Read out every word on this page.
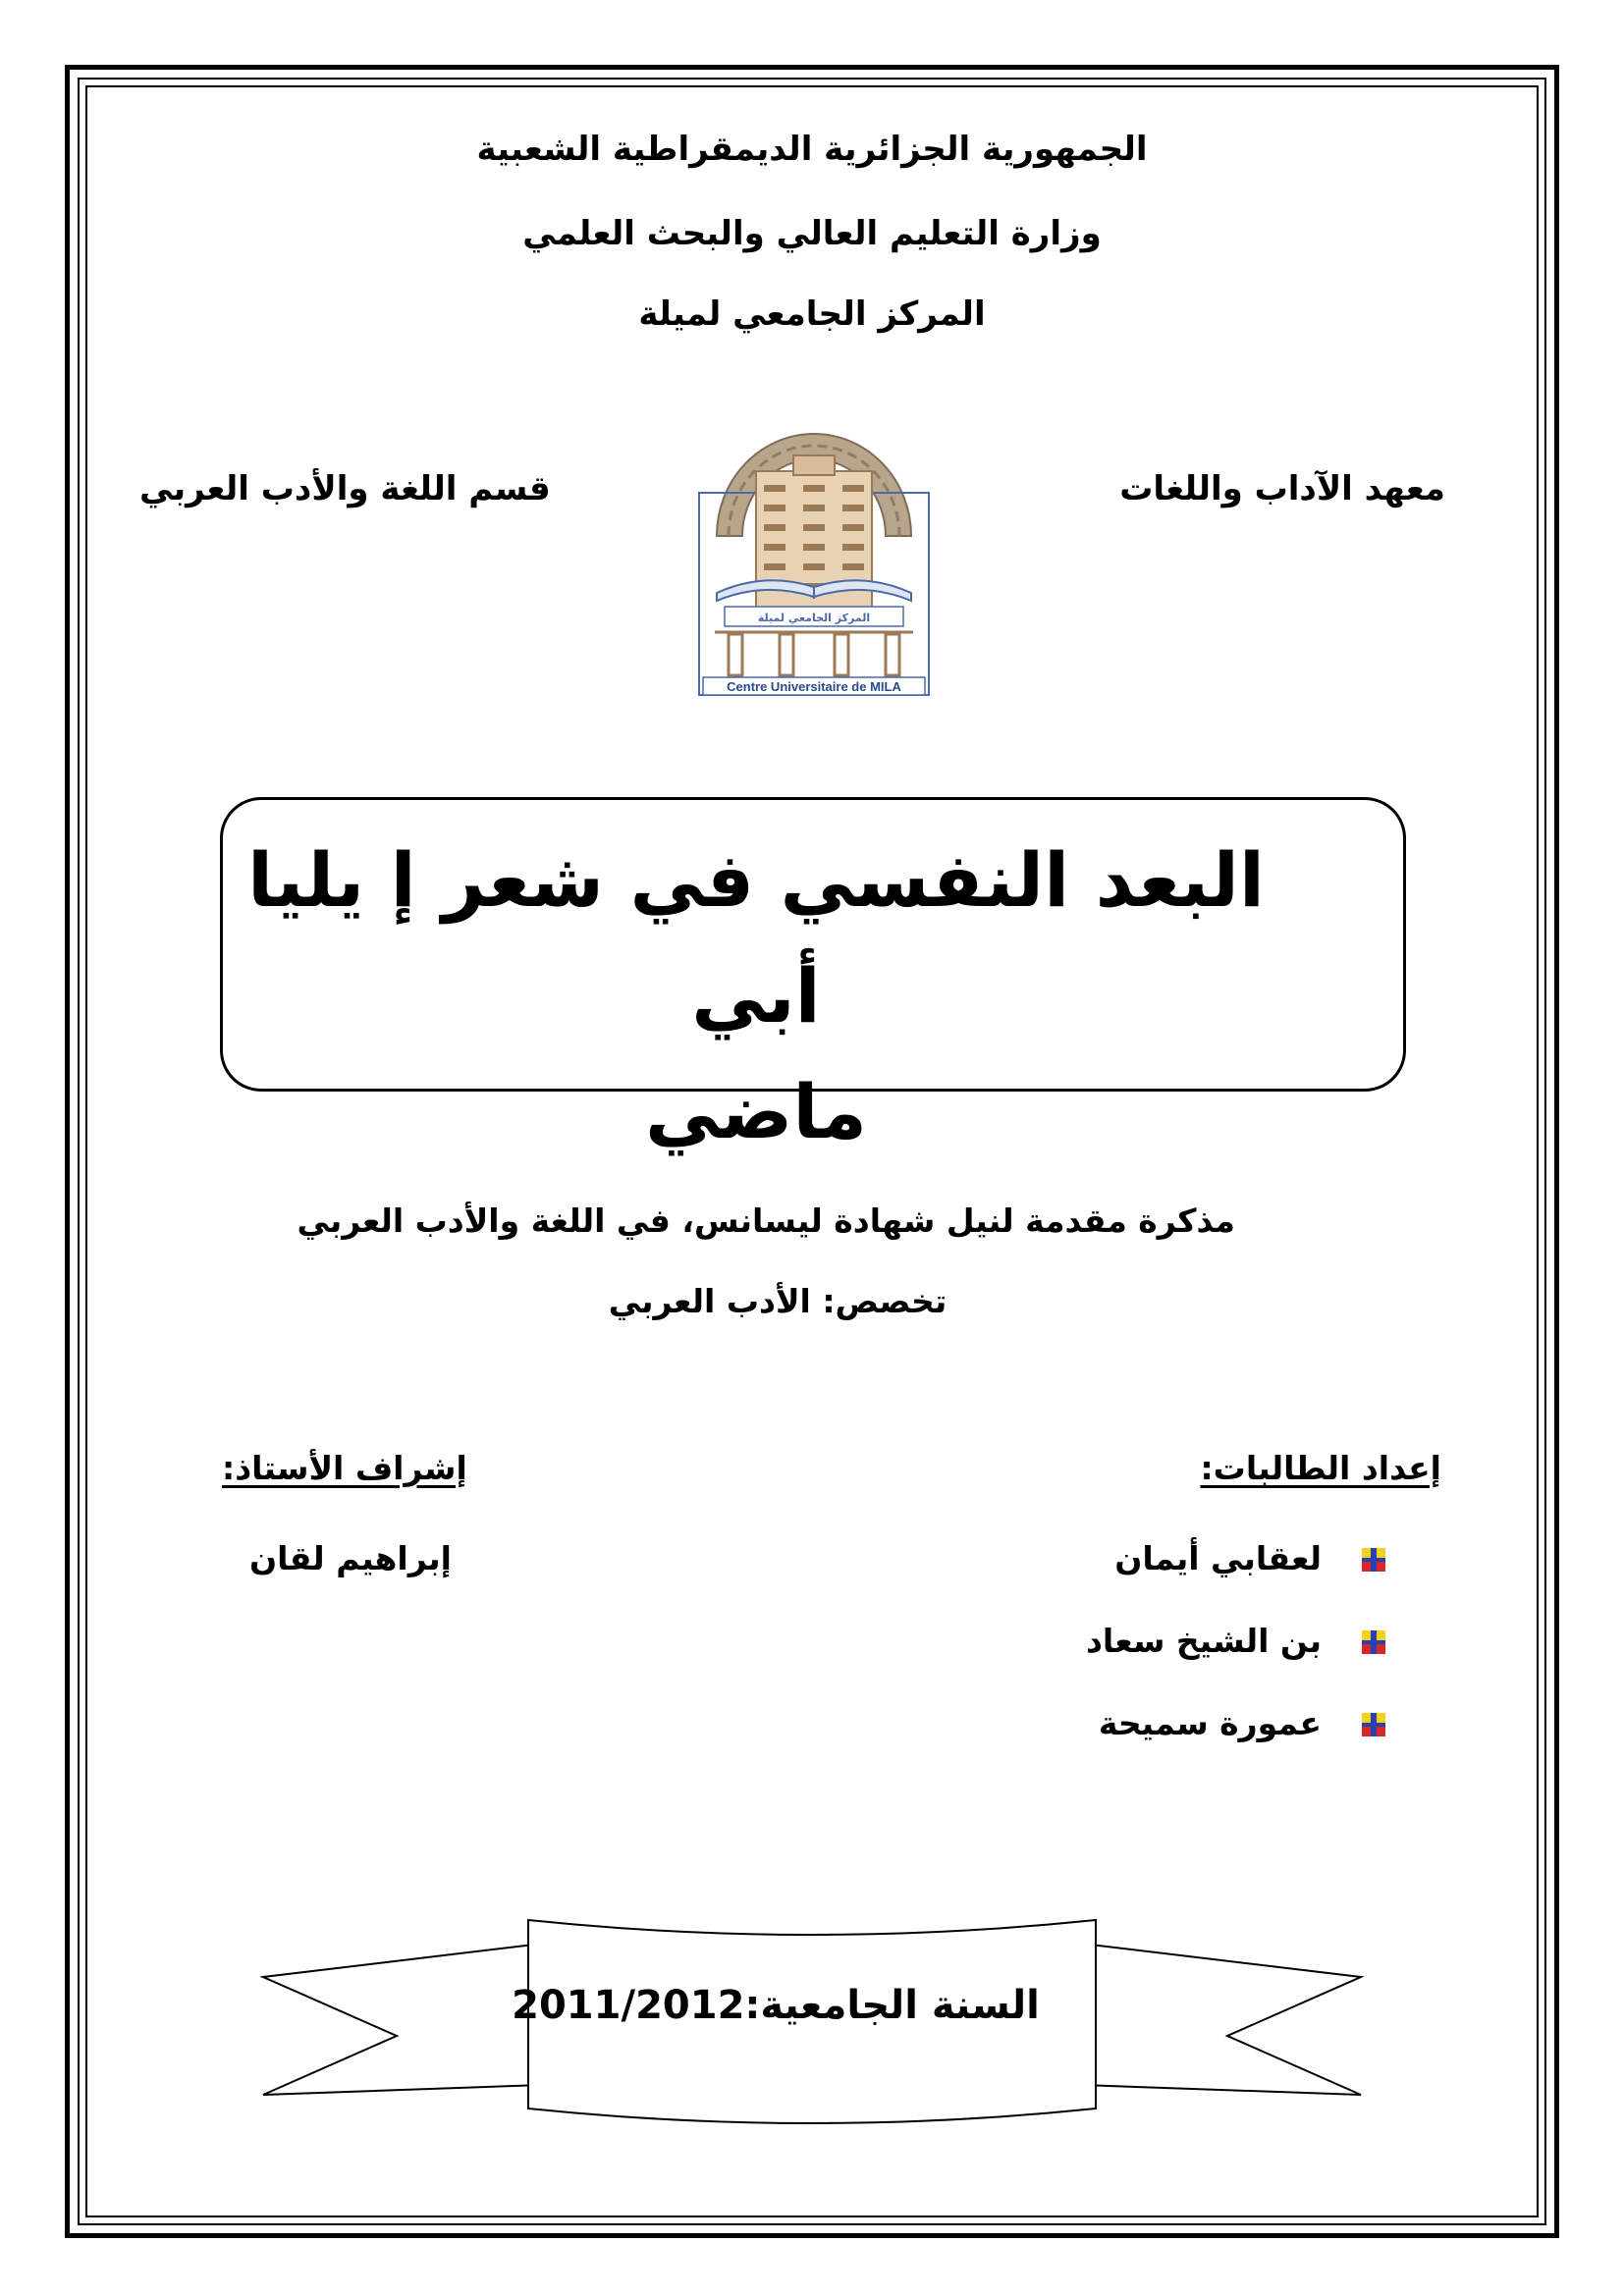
الجمهورية الجزائرية الديمقراطية الشعبية
وزارة التعليم العالي والبحث العلمي
المركز الجامعي لميلة
معهد الآداب واللغات
قسم اللغة والأدب العربي
المركز الجامعي لميلة
Centre Universitaire de MILA
البعد النفسي في شعر إ يليا أبي
ماضي
مذكرة مقدمة لنيل شهادة ليسانس، في اللغة والأدب العربي
تخصص: الأدب العربي
إعداد الطالبات:
لعقابي أيمان
بن الشيخ سعاد
عمورة سميحة
إشراف الأستاذ:
إبراهيم لقان
السنة الجامعية:2011/2012
